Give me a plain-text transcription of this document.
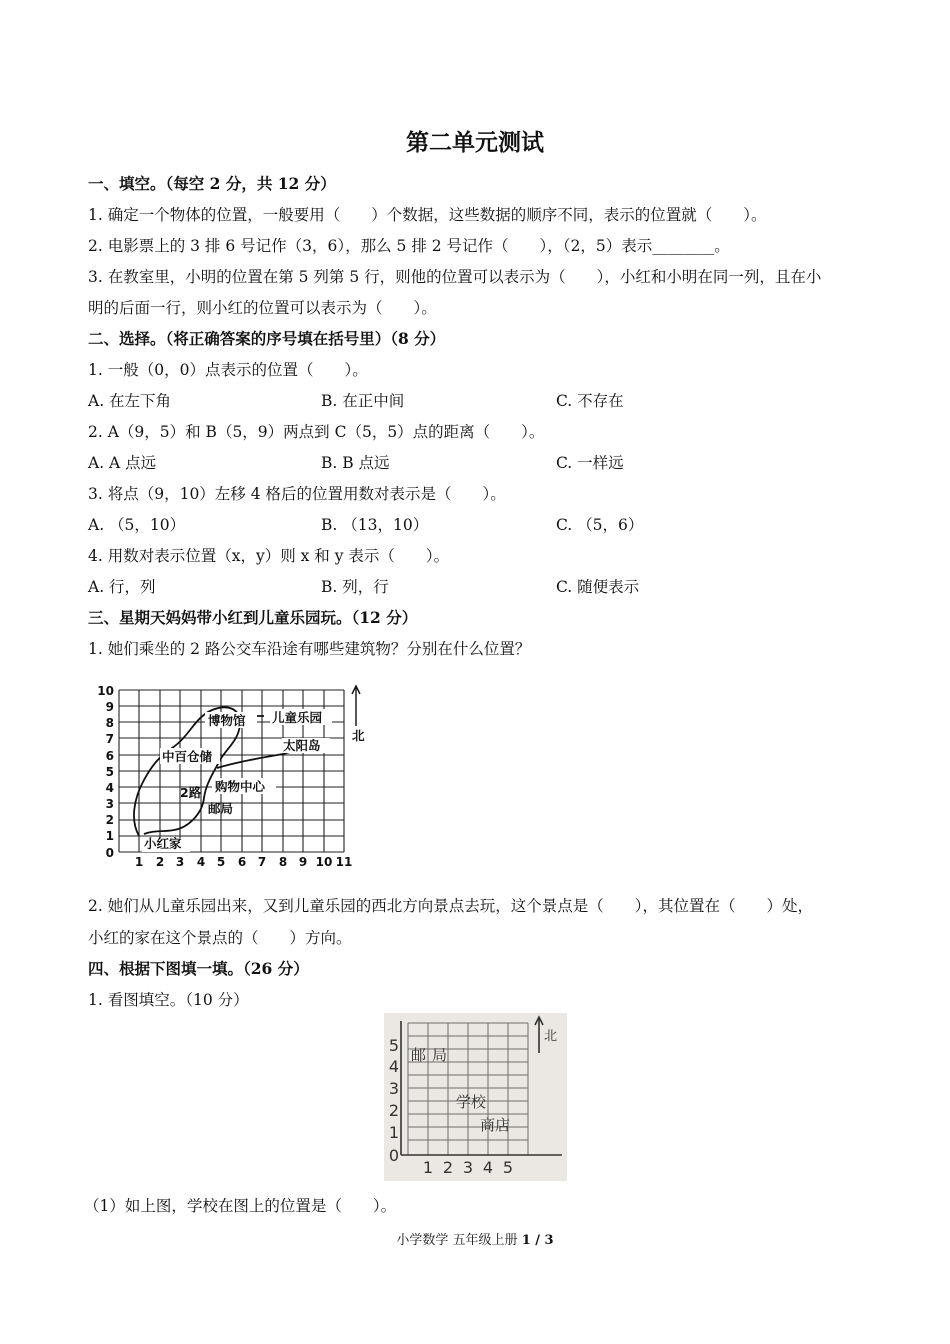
第二单元测试
一、填空。（每空 2 分，共 12 分）
1. 确定一个物体的位置，一般要用（　　）个数据，这些数据的顺序不同，表示的位置就（　　）。
2. 电影票上的 3 排 6 号记作（3，6），那么 5 排 2 号记作（　　），（2，5）表示________。
3. 在教室里，小明的位置在第 5 列第 5 行，则他的位置可以表示为（　　），小红和小明在同一列，且在小
明的后面一行，则小红的位置可以表示为（　　）。
二、选择。（将正确答案的序号填在括号里）（8 分）
1. 一般（0，0）点表示的位置（　　）。
A. 在左下角	B. 在正中间	C. 不存在
2. A（9，5）和 B（5，9）两点到 C（5，5）点的距离（　　）。
A. A 点远	B. B 点远	C. 一样远
3. 将点（9，10）左移 4 格后的位置用数对表示是（　　）。
A. （5，10）	B. （13，10）	C. （5，6）
4. 用数对表示位置（x，y）则 x 和 y 表示（　　）。
A. 行，列	B. 列，行	C. 随便表示
三、星期天妈妈带小红到儿童乐园玩。（12 分）
1. 她们乘坐的 2 路公交车沿途有哪些建筑物？分别在什么位置？
博物馆 儿童乐园
太阳岛
中百仓储
购物中心
2路
邮局
小红家
北
1 2 3 4 5 6 7 8 9 10 11
0
1
2
3
4
5
6
7
8
9
10
2. 她们从儿童乐园出来，又到儿童乐园的西北方向景点去玩，这个景点是（　　），其位置在（　　）处，
小红的家在这个景点的（　　）方向。
四、根据下图填一填。（26 分）
1. 看图填空。（10 分）
邮 局
学校
商店
北
1 2 3 4 5
0
1
2
3
4
5
（1）如上图，学校在图上的位置是（　　）。
小学数学 五年级上册 1 / 3
